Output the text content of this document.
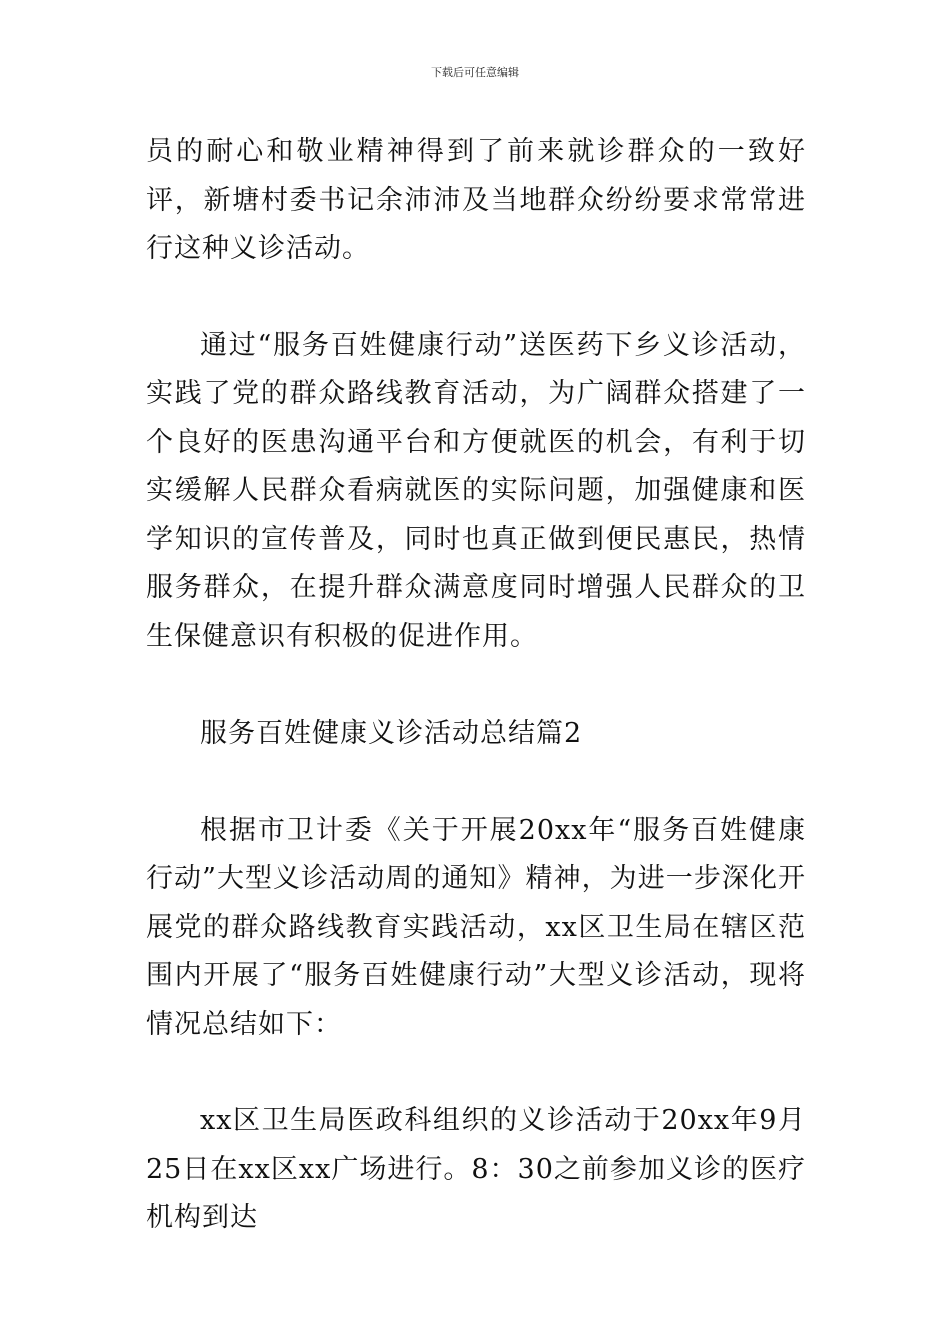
下载后可任意编辑

员的耐心和敬业精神得到了前来就诊群众的一致好评，新塘村委书记余沛沛及当地群众纷纷要求常常进行这种义诊活动。

通过“服务百姓健康行动”送医药下乡义诊活动，实践了党的群众路线教育活动，为广阔群众搭建了一个良好的医患沟通平台和方便就医的机会，有利于切实缓解人民群众看病就医的实际问题，加强健康和医学知识的宣传普及，同时也真正做到便民惠民，热情服务群众，在提升群众满意度同时增强人民群众的卫生保健意识有积极的促进作用。

服务百姓健康义诊活动总结篇2

根据市卫计委《关于开展20xx年“服务百姓健康行动”大型义诊活动周的通知》精神，为进一步深化开展党的群众路线教育实践活动，xx区卫生局在辖区范围内开展了“服务百姓健康行动”大型义诊活动，现将情况总结如下：

xx区卫生局医政科组织的义诊活动于20xx年9月25日在xx区xx广场进行。8：30之前参加义诊的医疗机构到达
